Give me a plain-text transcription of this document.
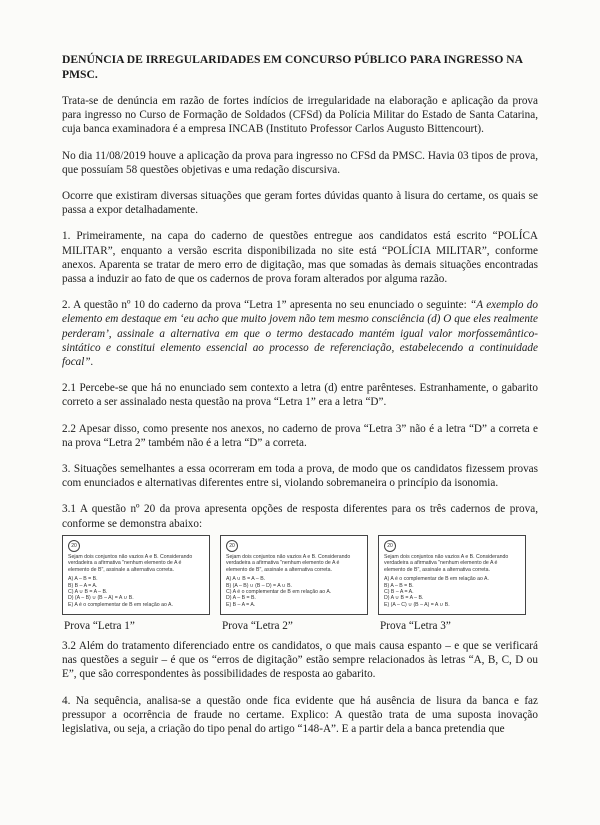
DENÚNCIA DE IRREGULARIDADES EM CONCURSO PÚBLICO PARA INGRESSO NA PMSC.

Trata-se de denúncia em razão de fortes indícios de irregularidade na elaboração e aplicação da prova para ingresso no Curso de Formação de Soldados (CFSd) da Polícia Militar do Estado de Santa Catarina, cuja banca examinadora é a empresa INCAB (Instituto Professor Carlos Augusto Bittencourt).

No dia 11/08/2019 houve a aplicação da prova para ingresso no CFSd da PMSC. Havia 03 tipos de prova, que possuíam 58 questões objetivas e uma redação discursiva.

Ocorre que existiram diversas situações que geram fortes dúvidas quanto à lisura do certame, os quais se passa a expor detalhadamente.

1. Primeiramente, na capa do caderno de questões entregue aos candidatos está escrito “POLÍCA MILITAR”, enquanto a versão escrita disponibilizada no site está “POLÍCIA MILITAR”, conforme anexos. Aparenta se tratar de mero erro de digitação, mas que somadas às demais situações encontradas passa a induzir ao fato de que os cadernos de prova foram alterados por alguma razão.

2. A questão nº 10 do caderno da prova “Letra 1” apresenta no seu enunciado o seguinte: “A exemplo do elemento em destaque em ‘eu acho que muito jovem não tem mesmo consciência (d) O que eles realmente perderam’, assinale a alternativa em que o termo destacado mantém igual valor morfossemântico-sintático e constitui elemento essencial ao processo de referenciação, estabelecendo a continuidade focal”.

2.1 Percebe-se que há no enunciado sem contexto a letra (d) entre parênteses. Estranhamente, o gabarito correto a ser assinalado nesta questão na prova “Letra 1” era a letra “D”.

2.2 Apesar disso, como presente nos anexos, no caderno de prova “Letra 3” não é a letra “D” a correta e na prova “Letra 2” também não é a letra “D” a correta.

3. Situações semelhantes a essa ocorreram em toda a prova, de modo que os candidatos fizessem provas com enunciados e alternativas diferentes entre si, violando sobremaneira o princípio da isonomia.

3.1 A questão nº 20 da prova apresenta opções de resposta diferentes para os três cadernos de prova, conforme se demonstra abaixo:

20
Sejam dois conjuntos não vazios A e B. Considerando verdadeira a afirmativa "nenhum elemento de A é elemento de B", assinale a alternativa correta.
A) A – B = B.
B) B – A = A.
C) A ∪ B = A – B.
D) (A – B) ∪ (B – A) = A ∪ B.
E) A é o complementar de B em relação ao A.
Prova “Letra 1”
20
Sejam dois conjuntos não vazios A e B. Considerando verdadeira a afirmativa "nenhum elemento de A é elemento de B", assinale a alternativa correta.
A) A ∪ B = A – B.
B) (A – B) ∪ (B – D) = A ∪ B.
C) A é o complementar de B em relação ao A.
D) A – B = B.
E) B – A = A.
Prova “Letra 2”
20
Sejam dois conjuntos não vazios A e B. Considerando verdadeira a afirmativa "nenhum elemento de A é elemento de B", assinale a alternativa correta.
A) A é o complementar de B em relação ao A.
B) A – B = B.
C) B – A = A.
D) A ∪ B = A – B.
E) (A – C) ∪ (B – A) = A ∪ B.
Prova “Letra 3”

3.2 Além do tratamento diferenciado entre os candidatos, o que mais causa espanto – e que se verificará nas questões a seguir – é que os “erros de digitação” estão sempre relacionados às letras “A, B, C, D ou E”, que são correspondentes às possibilidades de resposta ao gabarito.

4. Na sequência, analisa-se a questão onde fica evidente que há ausência de lisura da banca e faz pressupor a ocorrência de fraude no certame. Explico: A questão trata de uma suposta inovação legislativa, ou seja, a criação do tipo penal do artigo “148-A”. E a partir dela a banca pretendia que
